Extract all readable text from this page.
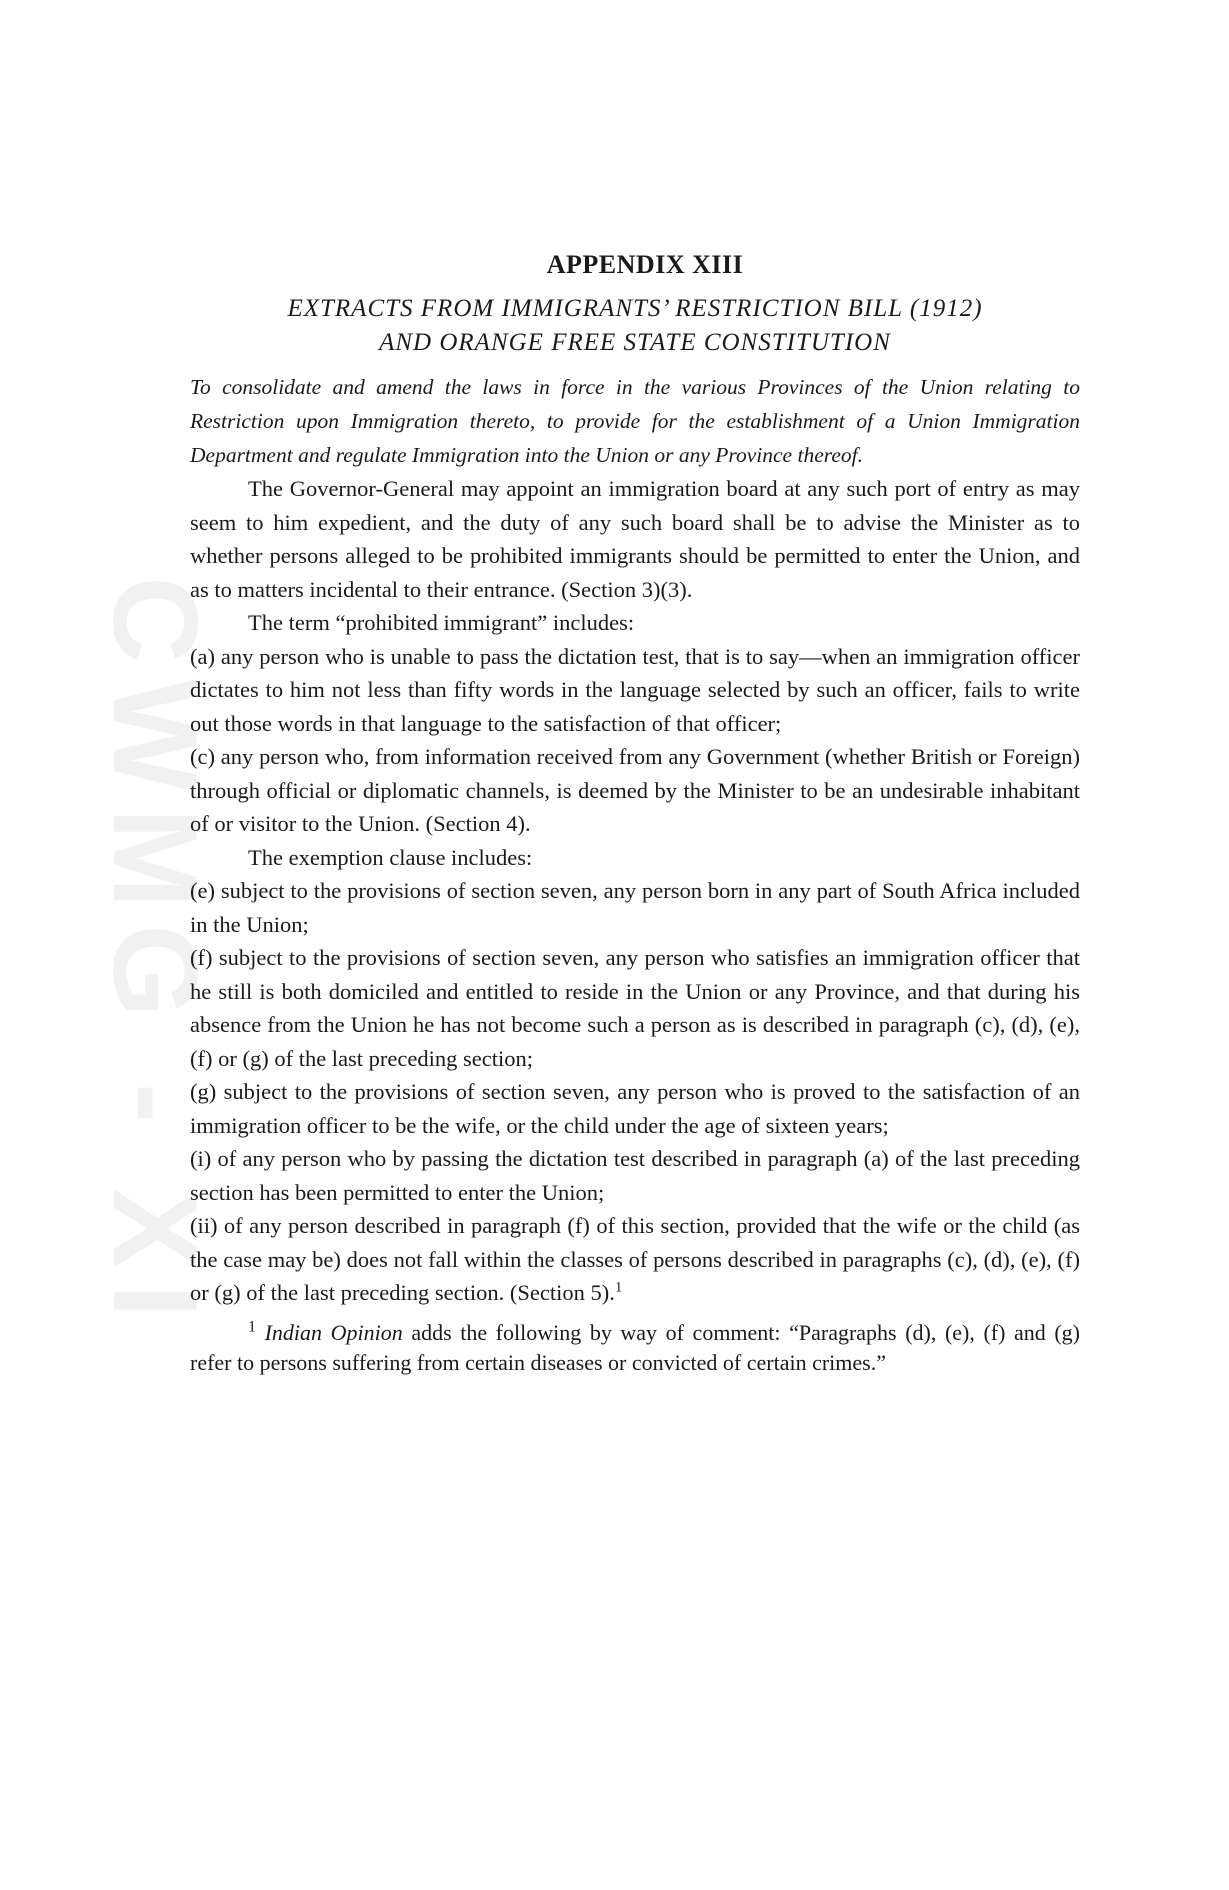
CWMG - XI
APPENDIX XIII
EXTRACTS FROM IMMIGRANTS’ RESTRICTION BILL (1912)
AND ORANGE FREE STATE CONSTITUTION

To consolidate and amend the laws in force in the various Provinces of the Union relating to Restriction upon Immigration thereto, to provide for the establishment of a Union Immigration Department and regulate Immigration into the Union or any Province thereof.

The Governor-General may appoint an immigration board at any such port of entry as may seem to him expedient, and the duty of any such board shall be to advise the Minister as to whether persons alleged to be prohibited immigrants should be permitted to enter the Union, and as to matters incidental to their entrance. (Section 3)(3).

The term “prohibited immigrant” includes:

(a) any person who is unable to pass the dictation test, that is to say—when an immigration officer dictates to him not less than fifty words in the language selected by such an officer, fails to write out those words in that language to the satisfaction of that officer;

(c) any person who, from information received from any Government (whether British or Foreign) through official or diplomatic channels, is deemed by the Minister to be an undesirable inhabitant of or visitor to the Union. (Section 4).

The exemption clause includes:

(e) subject to the provisions of section seven, any person born in any part of South Africa included in the Union;

(f) subject to the provisions of section seven, any person who satisfies an immigration officer that he still is both domiciled and entitled to reside in the Union or any Province, and that during his absence from the Union he has not become such a person as is described in paragraph (c), (d), (e), (f) or (g) of the last preceding section;

(g) subject to the provisions of section seven, any person who is proved to the satisfaction of an immigration officer to be the wife, or the child under the age of sixteen years;

(i) of any person who by passing the dictation test described in paragraph (a) of the last preceding section has been permitted to enter the Union;

(ii) of any person described in paragraph (f) of this section, provided that the wife or the child (as the case may be) does not fall within the classes of persons described in paragraphs (c), (d), (e), (f) or (g) of the last preceding section. (Section 5).$^1$

$^1$ Indian Opinion adds the following by way of comment: “Paragraphs (d), (e), (f) and (g) refer to persons suffering from certain diseases or convicted of certain crimes.”
